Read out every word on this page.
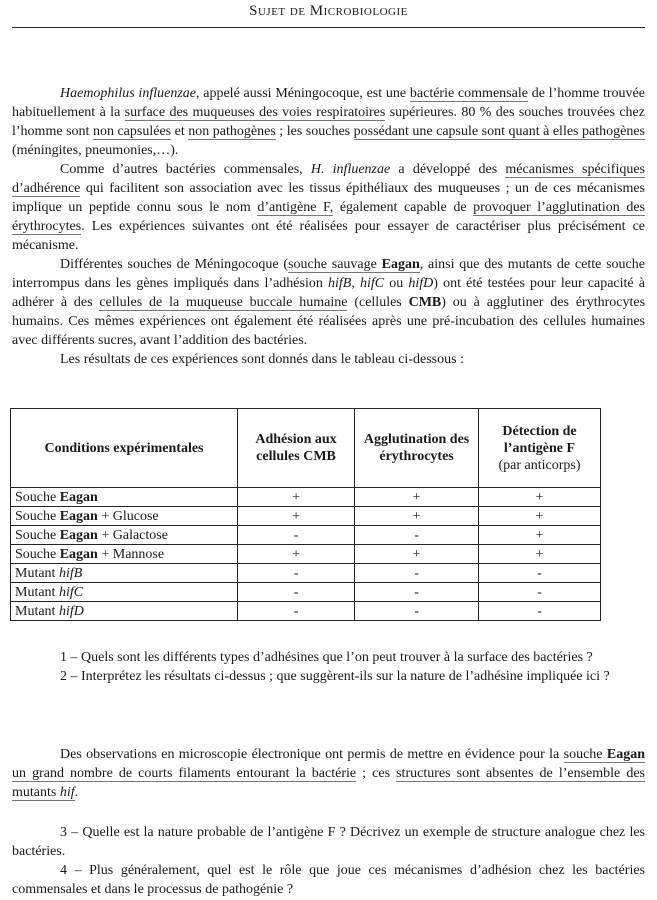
Sujet de Microbiologie

Haemophilus influenzae, appelé aussi Méningocoque, est une bactérie commensale de l’homme trouvée habituellement à la surface des muqueuses des voies respiratoires supérieures. 80 % des souches trouvées chez l’homme sont non capsulées et non pathogènes ; les souches possédant une capsule sont quant à elles pathogènes (méningites, pneumonies,…).

Comme d’autres bactéries commensales, H. influenzae a développé des mécanismes spécifiques d’adhérence qui facilitent son association avec les tissus épithéliaux des muqueuses ; un de ces mécanismes implique un peptide connu sous le nom d’antigène F, également capable de provoquer l’agglutination des érythrocytes. Les expériences suivantes ont été réalisées pour essayer de caractériser plus précisément ce mécanisme.

Différentes souches de Méningocoque (souche sauvage Eagan, ainsi que des mutants de cette souche interrompus dans les gènes impliqués dans l’adhésion hifB, hifC ou hifD) ont été testées pour leur capacité à adhérer à des cellules de la muqueuse buccale humaine (cellules CMB) ou à agglutiner des érythrocytes humains. Ces mêmes expériences ont également été réalisées après une pré-incubation des cellules humaines avec différents sucres, avant l’addition des bactéries.

Les résultats de ces expériences sont donnés dans le tableau ci-dessous :

Conditions expérimentales	Adhésion aux cellules CMB	Agglutination des érythrocytes	Détection de l’antigène F
(par anticorps)
Souche Eagan	+	+	+
Souche Eagan + Glucose	+	+	+
Souche Eagan + Galactose	-	-	+
Souche Eagan + Mannose	+	+	+
Mutant hifB	-	-	-
Mutant hifC	-	-	-
Mutant hifD	-	-	-

1 – Quels sont les différents types d’adhésines que l’on peut trouver à la surface des bactéries ?

2 – Interprétez les résultats ci-dessus ; que suggèrent-ils sur la nature de l’adhésine impliquée ici ?

Des observations en microscopie électronique ont permis de mettre en évidence pour la souche Eagan un grand nombre de courts filaments entourant la bactérie ; ces structures sont absentes de l’ensemble des mutants hif.

3 – Quelle est la nature probable de l’antigène F ? Décrivez un exemple de structure analogue chez les bactéries.

4 – Plus généralement, quel est le rôle que joue ces mécanismes d’adhésion chez les bactéries commensales et dans le processus de pathogénie ?
